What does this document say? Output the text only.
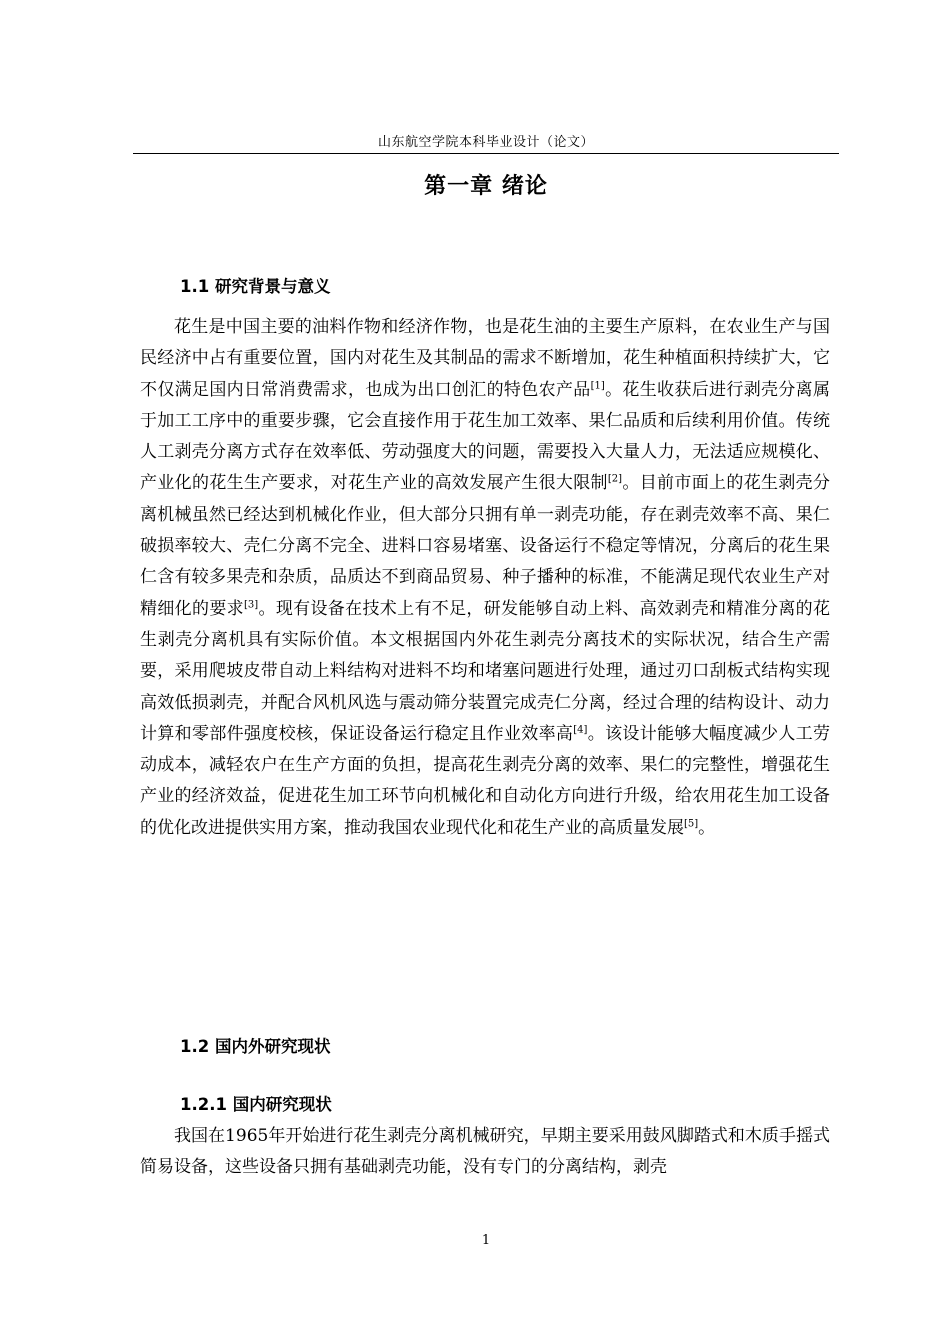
山东航空学院本科毕业设计（论文）
第一章 绪论
1.1 研究背景与意义

花生是中国主要的油料作物和经济作物，也是花生油的主要生产原料，在农业生产与国民经济中占有重要位置，国内对花生及其制品的需求不断增加，花生种植面积持续扩大，它不仅满足国内日常消费需求，也成为出口创汇的特色农产品[1]。花生收获后进行剥壳分离属于加工工序中的重要步骤，它会直接作用于花生加工效率、果仁品质和后续利用价值。传统人工剥壳分离方式存在效率低、劳动强度大的问题，需要投入大量人力，无法适应规模化、产业化的花生生产要求，对花生产业的高效发展产生很大限制[2]。目前市面上的花生剥壳分离机械虽然已经达到机械化作业，但大部分只拥有单一剥壳功能，存在剥壳效率不高、果仁破损率较大、壳仁分离不完全、进料口容易堵塞、设备运行不稳定等情况，分离后的花生果仁含有较多果壳和杂质，品质达不到商品贸易、种子播种的标准，不能满足现代农业生产对精细化的要求[3]。现有设备在技术上有不足，研发能够自动上料、高效剥壳和精准分离的花生剥壳分离机具有实际价值。本文根据国内外花生剥壳分离技术的实际状况，结合生产需要，采用爬坡皮带自动上料结构对进料不均和堵塞问题进行处理，通过刃口刮板式结构实现高效低损剥壳，并配合风机风选与震动筛分装置完成壳仁分离，经过合理的结构设计、动力计算和零部件强度校核，保证设备运行稳定且作业效率高[4]。该设计能够大幅度减少人工劳动成本，减轻农户在生产方面的负担，提高花生剥壳分离的效率、果仁的完整性，增强花生产业的经济效益，促进花生加工环节向机械化和自动化方向进行升级，给农用花生加工设备的优化改进提供实用方案，推动我国农业现代化和花生产业的高质量发展[5]。

1.2 国内外研究现状
1.2.1 国内研究现状

我国在1965年开始进行花生剥壳分离机械研究，早期主要采用鼓风脚踏式和木质手摇式简易设备，这些设备只拥有基础剥壳功能，没有专门的分离结构，剥壳

1
